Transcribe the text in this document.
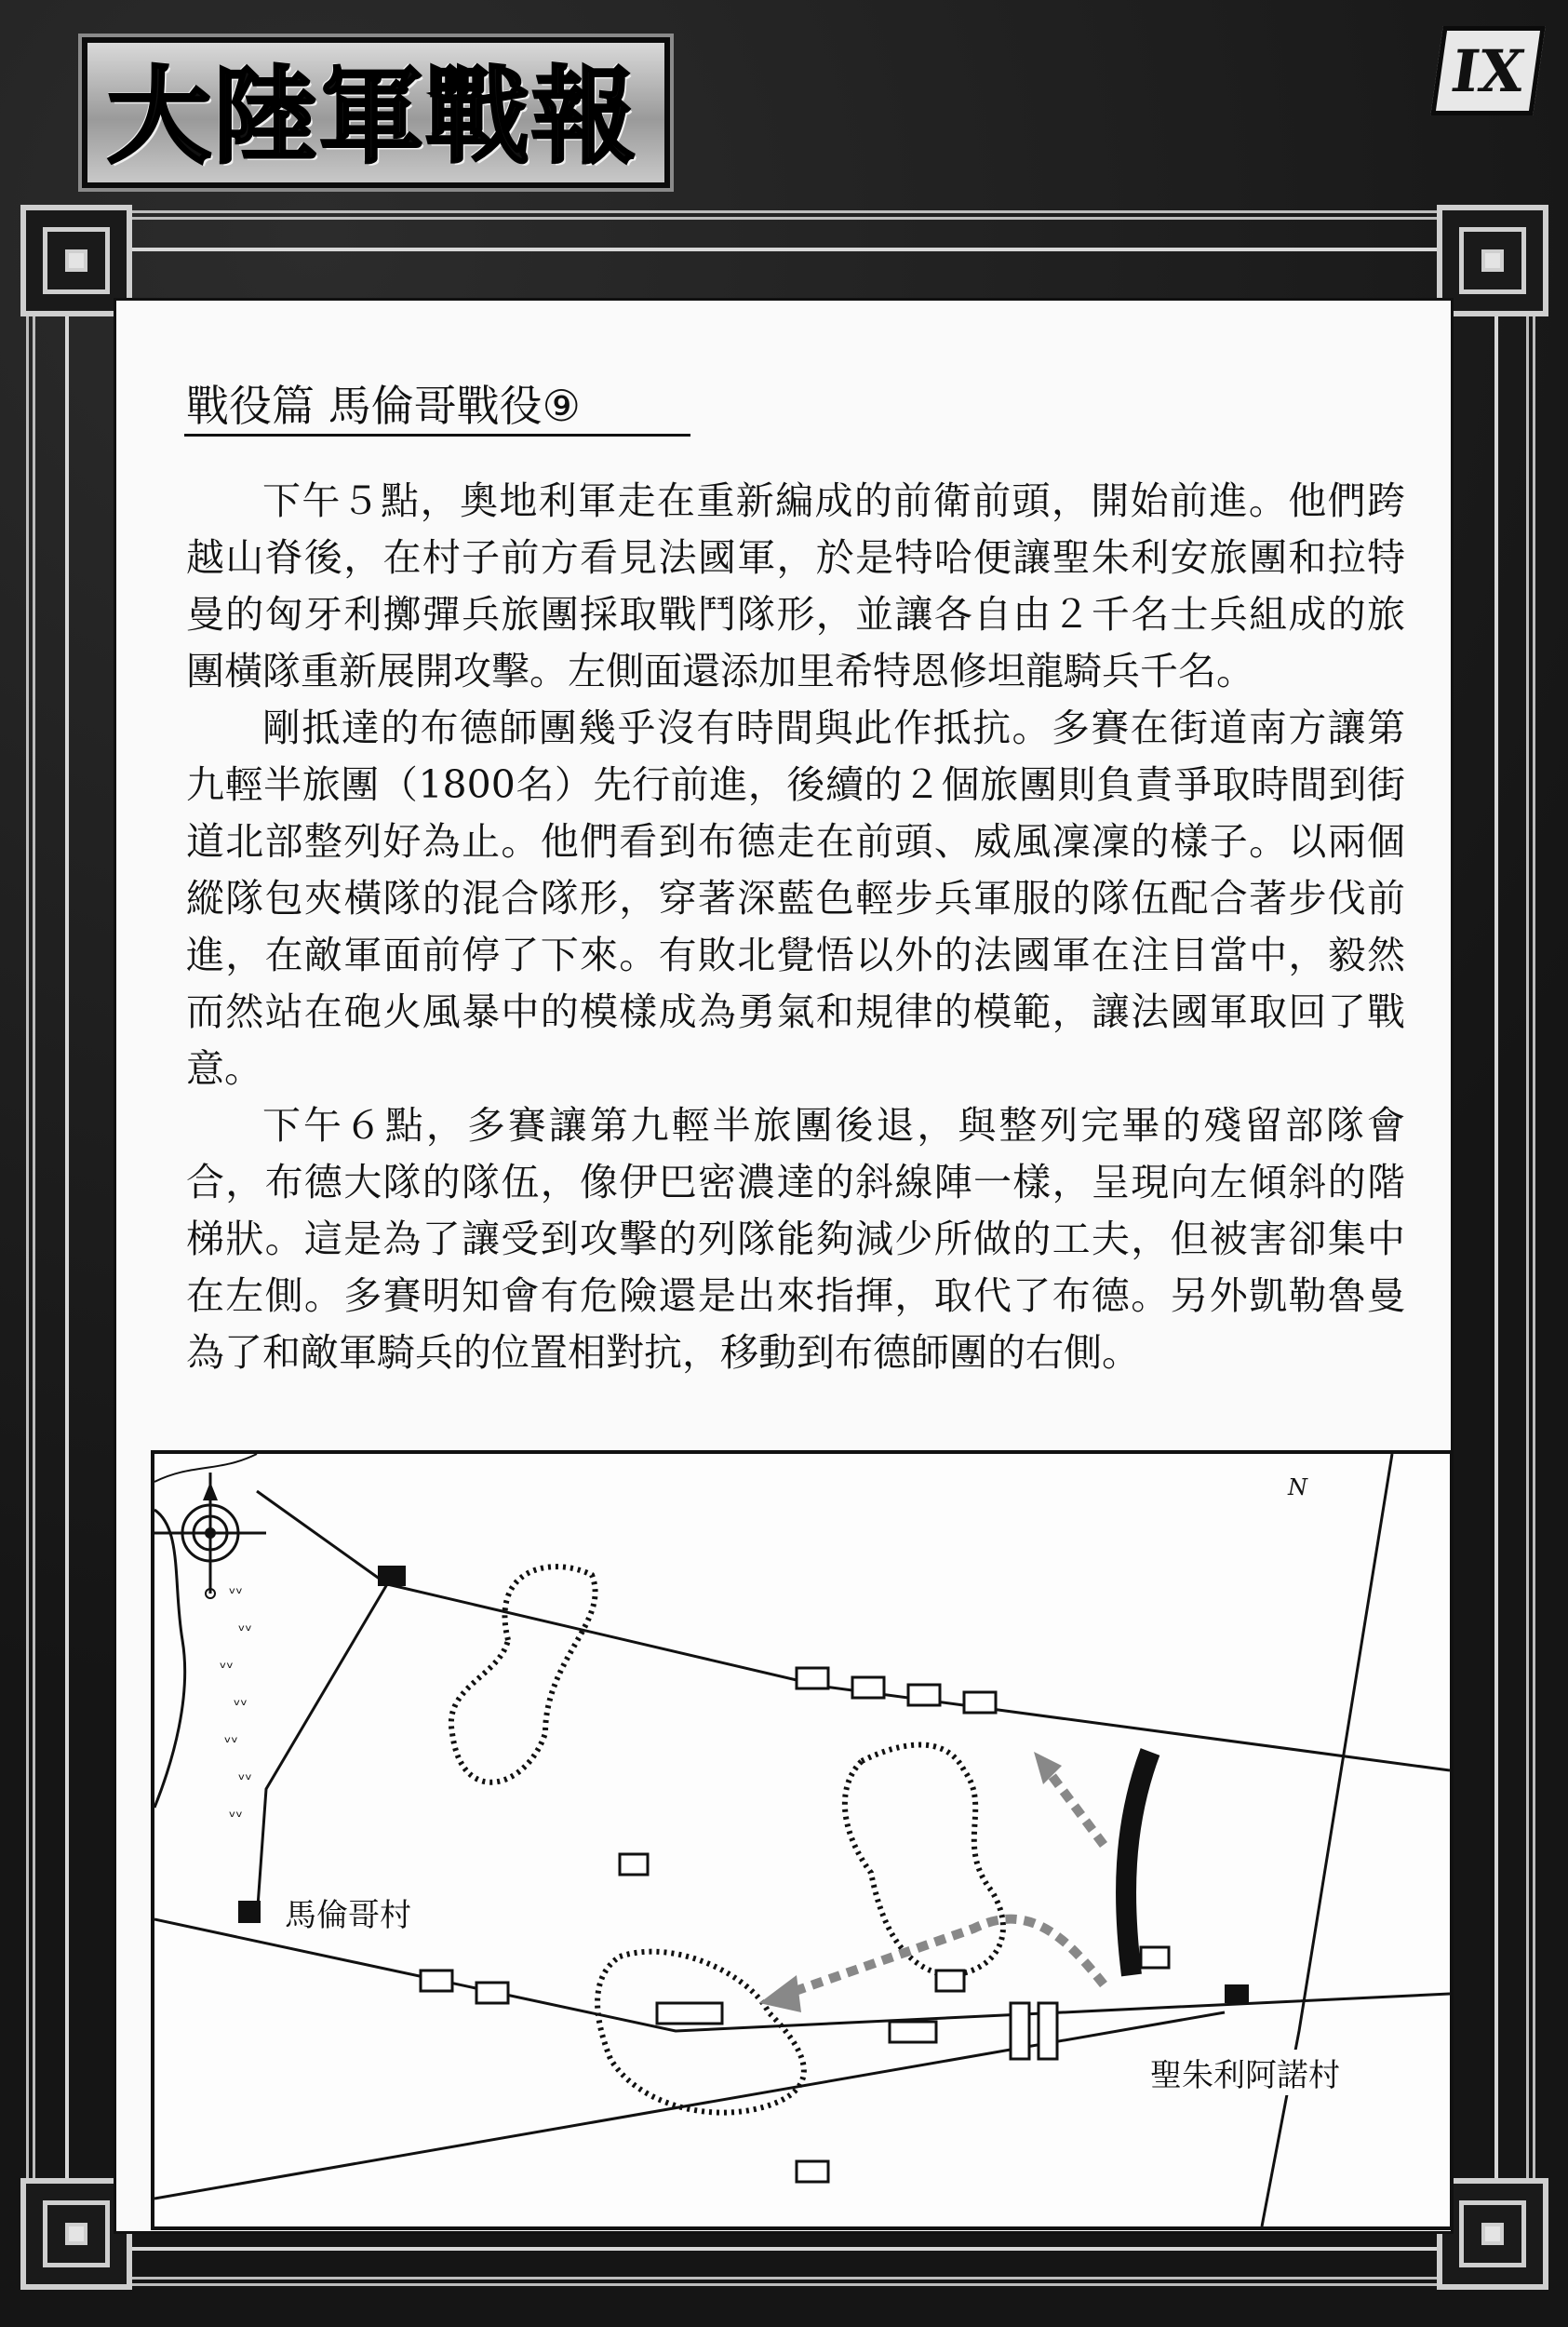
大陸軍戰報	IX
戰役篇 馬倫哥戰役⑨

下午５點，奧地利軍走在重新編成的前衛前頭，開始前進。他們跨越山脊後，在村子前方看見法國軍，於是特哈便讓聖朱利安旅團和拉特曼的匈牙利擲彈兵旅團採取戰鬥隊形，並讓各自由２千名士兵組成的旅團橫隊重新展開攻擊。左側面還添加里希特恩修坦龍騎兵千名。

剛抵達的布德師團幾乎沒有時間與此作抵抗。多賽在街道南方讓第九輕半旅團（1800名）先行前進，後續的２個旅團則負責爭取時間到街道北部整列好為止。他們看到布德走在前頭、威風凜凜的樣子。以兩個縱隊包夾橫隊的混合隊形，穿著深藍色輕步兵軍服的隊伍配合著步伐前進，在敵軍面前停了下來。有敗北覺悟以外的法國軍在注目當中，毅然而然站在砲火風暴中的模樣成為勇氣和規律的模範，讓法國軍取回了戰意。

下午６點，多賽讓第九輕半旅團後退，與整列完畢的殘留部隊會合，布德大隊的隊伍，像伊巴密濃達的斜線陣一樣，呈現向左傾斜的階梯狀。這是為了讓受到攻擊的列隊能夠減少所做的工夫，但被害卻集中在左側。多賽明知會有危險還是出來指揮，取代了布德。另外凱勒魯曼為了和敵軍騎兵的位置相對抗，移動到布德師團的右側。

ᵥᵥ
ᵥᵥ
ᵥᵥ
ᵥᵥ
ᵥᵥ
ᵥᵥ
ᵥᵥ
馬倫哥村
聖朱利阿諾村
N
